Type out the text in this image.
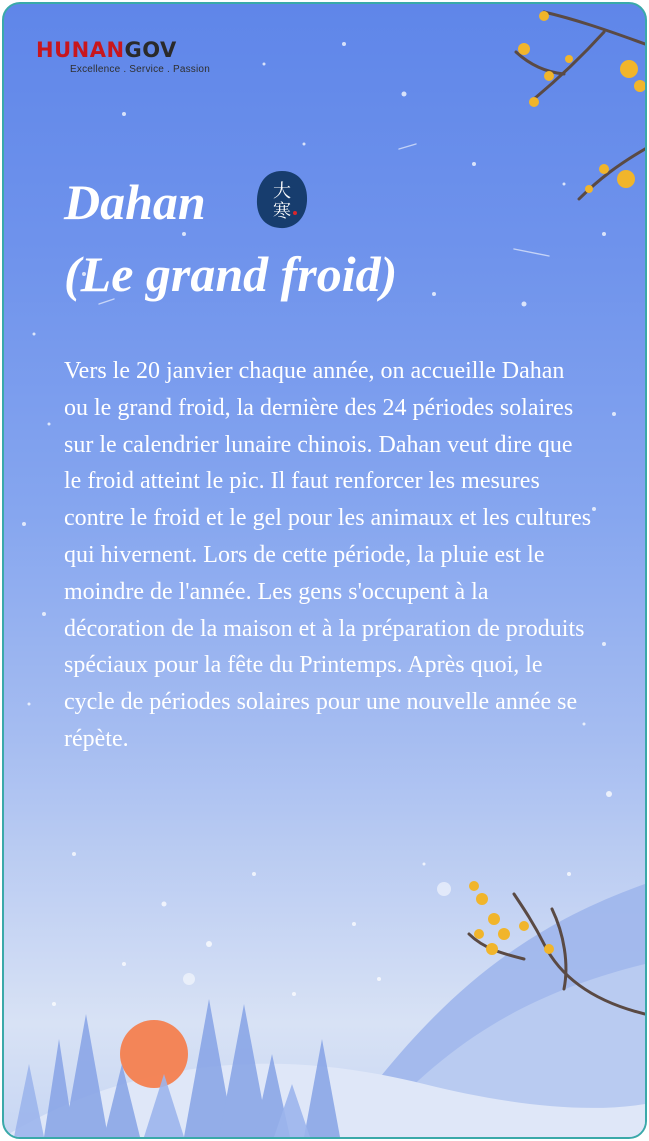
HUNANGOV
Excellence . Service . Passion
Dahan
(Le grand froid)
大
寒

Vers le 20 janvier chaque année, on accueille Dahan ou le grand froid, la dernière des 24 périodes solaires sur le calendrier lunaire chinois. Dahan veut dire que le froid atteint le pic. Il faut renforcer les mesures contre le froid et le gel pour les animaux et les cultures qui hivernent. Lors de cette période, la pluie est le moindre de l'année. Les gens s'occupent à la décoration de la maison et à la préparation de produits spéciaux pour la fête du Printemps. Après quoi, le cycle de périodes solaires pour une nouvelle année se répète.
